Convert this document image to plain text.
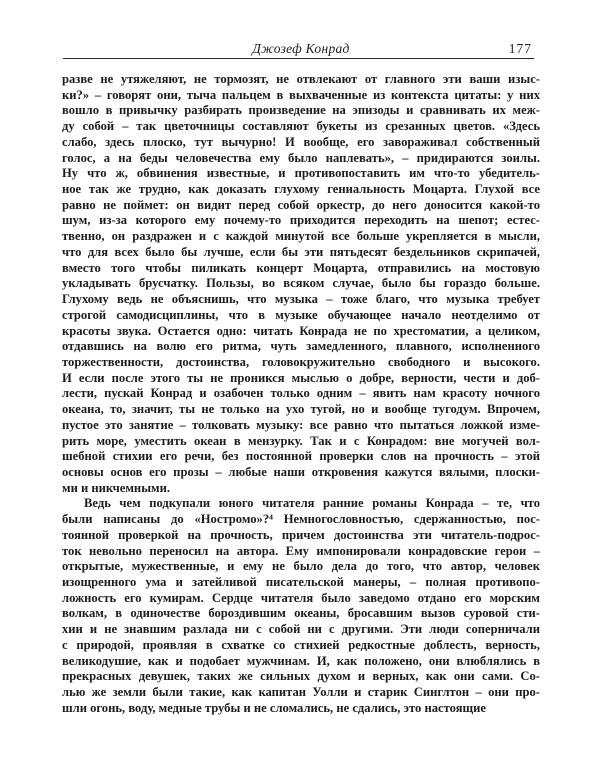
Джозеф Конрад	177
разве не утяжеляют, не тормозят, не отвлекают от главного эти ваши изыс-
ки?» – говорят они, тыча пальцем в выхваченные из контекста цитаты: у них
вошло в привычку разбирать произведение на эпизоды и сравнивать их меж-
ду собой – так цветочницы составляют букеты из срезанных цветов. «Здесь
слабо, здесь плоско, тут вычурно! И вообще, его завораживал собственный
голос, а на беды человечества ему было наплевать», – придираются зоилы.
Ну что ж, обвинения известные, и противопоставить им что-то убедитель-
ное так же трудно, как доказать глухому гениальность Моцарта. Глухой все
равно не поймет: он видит перед собой оркестр, до него доносится какой-то
шум, из-за которого ему почему-то приходится переходить на шепот; естес-
твенно, он раздражен и с каждой минутой все больше укрепляется в мысли,
что для всех было бы лучше, если бы эти пятьдесят бездельников скрипачей,
вместо того чтобы пиликать концерт Моцарта, отправились на мостовую
укладывать брусчатку. Пользы, во всяком случае, было бы гораздо больше.
Глухому ведь не объяснишь, что музыка – тоже благо, что музыка требует
строгой самодисциплины, что в музыке обучающее начало неотделимо от
красоты звука. Остается одно: читать Конрада не по хрестоматии, а целиком,
отдавшись на волю его ритма, чуть замедленного, плавного, исполненного
торжественности, достоинства, головокружительно свободного и высокого.
И если после этого ты не проникся мыслью о добре, верности, чести и доб-
лести, пускай Конрад и озабочен только одним – явить нам красоту ночного
океана, то, значит, ты не только на ухо тугой, но и вообще тугодум. Впрочем,
пустое это занятие – толковать музыку: все равно что пытаться ложкой изме-
рить море, уместить океан в мензурку. Так и с Конрадом: вне могучей вол-
шебной стихии его речи, без постоянной проверки слов на прочность – этой
основы основ его прозы – любые наши откровения кажутся вялыми, плоски-
ми и никчемными.
Ведь чем подкупали юного читателя ранние романы Конрада – те, что
были написаны до «Ностромо»?⁴ Немногословностью, сдержанностью, пос-
тоянной проверкой на прочность, причем достоинства эти читатель-подрос-
ток невольно переносил на автора. Ему импонировали конрадовские герои –
открытые, мужественные, и ему не было дела до того, что автор, человек
изощренного ума и затейливой писательской манеры, – полная противопо-
ложность его кумирам. Сердце читателя было заведомо отдано его морским
волкам, в одиночестве бороздившим океаны, бросавшим вызов суровой сти-
хии и не знавшим разлада ни с собой ни с другими. Эти люди соперничали
с природой, проявляя в схватке со стихией редкостные доблесть, верность,
великодушие, как и подобает мужчинам. И, как положено, они влюблялись в
прекрасных девушек, таких же сильных духом и верных, как они сами. Со-
лью же земли были такие, как капитан Уолли и старик Синглтон – они про-
шли огонь, воду, медные трубы и не сломались, не сдались, это настоящие
